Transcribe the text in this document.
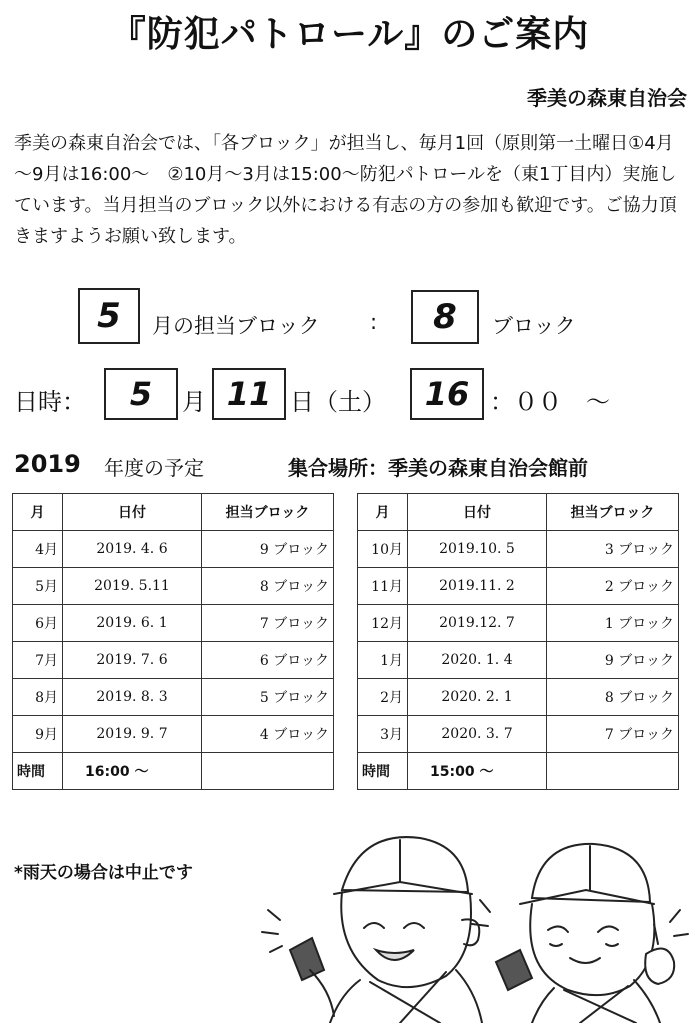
『防犯パトロール』のご案内
季美の森東自治会
季美の森東自治会では、「各ブロック」が担当し、毎月1回（原則第一土曜日①4月～9月は16:00～　②10月～3月は15:00～防犯パトロールを（東1丁目内）実施しています。当月担当のブロック以外における有志の方の参加も歓迎です。ご協力頂きますようお願い致します。
5	月の担当ブロック :	8	ブロック
日時：	5	月 11 日（土）	16 ：００　～
2019 年度の予定	集合場所：季美の森東自治会館前
月	日付	担当ブロック
4月	2019. 4. 6	9 ブロック
5月	2019. 5.11	8 ブロック
6月	2019. 6. 1	7 ブロック
7月	2019. 7. 6	6 ブロック
8月	2019. 8. 3	5 ブロック
9月	2019. 9. 7	4 ブロック
時間	16:00 ～	
月	日付	担当ブロック
10月	2019.10. 5	3 ブロック
11月	2019.11. 2	2 ブロック
12月	2019.12. 7	1 ブロック
1月	2020. 1. 4	9 ブロック
2月	2020. 2. 1	8 ブロック
3月	2020. 3. 7	7 ブロック
時間	15:00 ～	
*雨天の場合は中止です
